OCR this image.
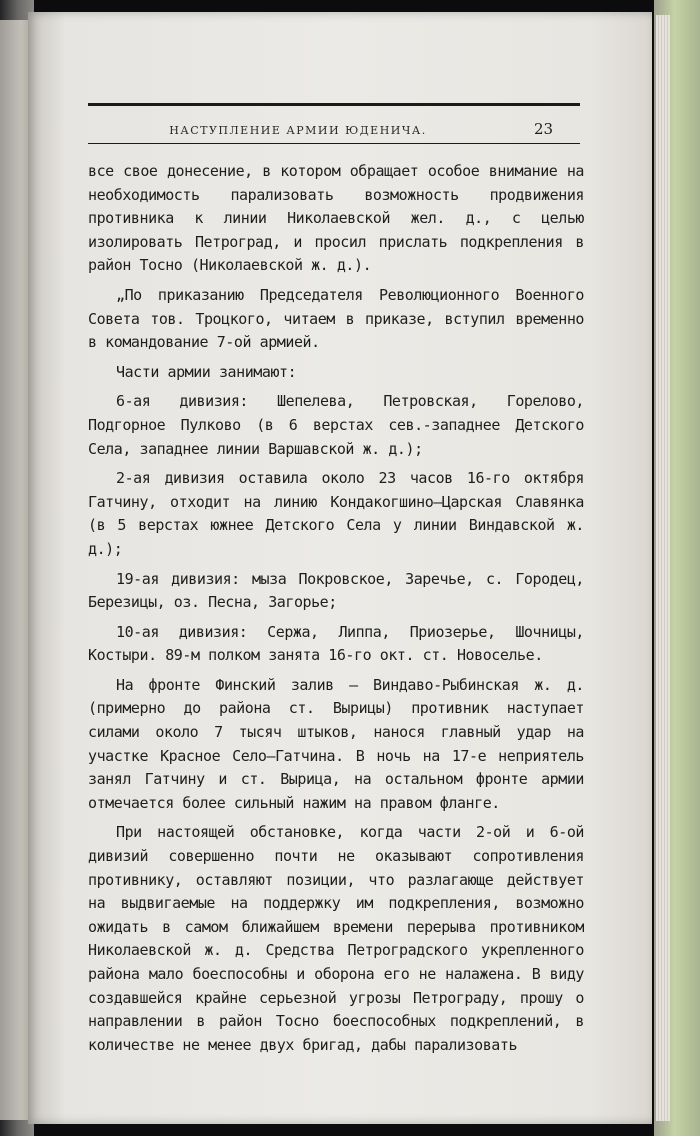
НАСТУПЛЕНИЕ АРМИИ ЮДЕНИЧА.	23

все свое донесение, в котором обращает особое внимание на необходимость парализовать возможность продвижения противника к линии Николаевской жел. д., с целью изолировать Петроград, и просил прислать подкрепления в район Тосно (Николаевской ж. д.).

„По приказанию Председателя Революционного Военного Совета тов. Троцкого, читаем в приказе, вступил временно в командование 7-ой армией.

Части армии занимают:

6-ая дивизия: Шепелева, Петровская, Горелово, Подгорное Пулково (в 6 верстах сев.-западнее Детского Села, западнее линии Варшавской ж. д.);

2-ая дивизия оставила около 23 часов 16-го октября Гатчину, отходит на линию Кондакогшино—Царская Славянка (в 5 верстах южнее Детского Села у линии Виндавской ж. д.);

19-ая дивизия: мыза Покровское, Заречье, с. Городец, Березицы, оз. Песна, Загорье;

10-ая дивизия: Сержа, Липпа, Приозерье, Шочницы, Костыри. 89-м полком занята 16-го окт. ст. Новоселье.

На фронте Финский залив — Виндаво-Рыбинская ж. д. (примерно до района ст. Вырицы) противник наступает силами около 7 тысяч штыков, нанося главный удар на участке Красное Село—Гатчина. В ночь на 17-е неприятель занял Гатчину и ст. Вырица, на остальном фронте армии отмечается более сильный нажим на правом фланге.

При настоящей обстановке, когда части 2-ой и 6-ой дивизий совершенно почти не оказывают сопротивления противнику, оставляют позиции, что разлагающе действует на выдвигаемые на поддержку им подкрепления, возможно ожидать в самом ближайшем времени перерыва противником Николаевской ж. д. Средства Петроградского укрепленного района мало боеспособны и оборона его не налажена. В виду создавшейся крайне серьезной угрозы Петрограду, прошу о направлении в район Тосно боеспособных подкреплений, в количестве не менее двух бригад, дабы парализовать
